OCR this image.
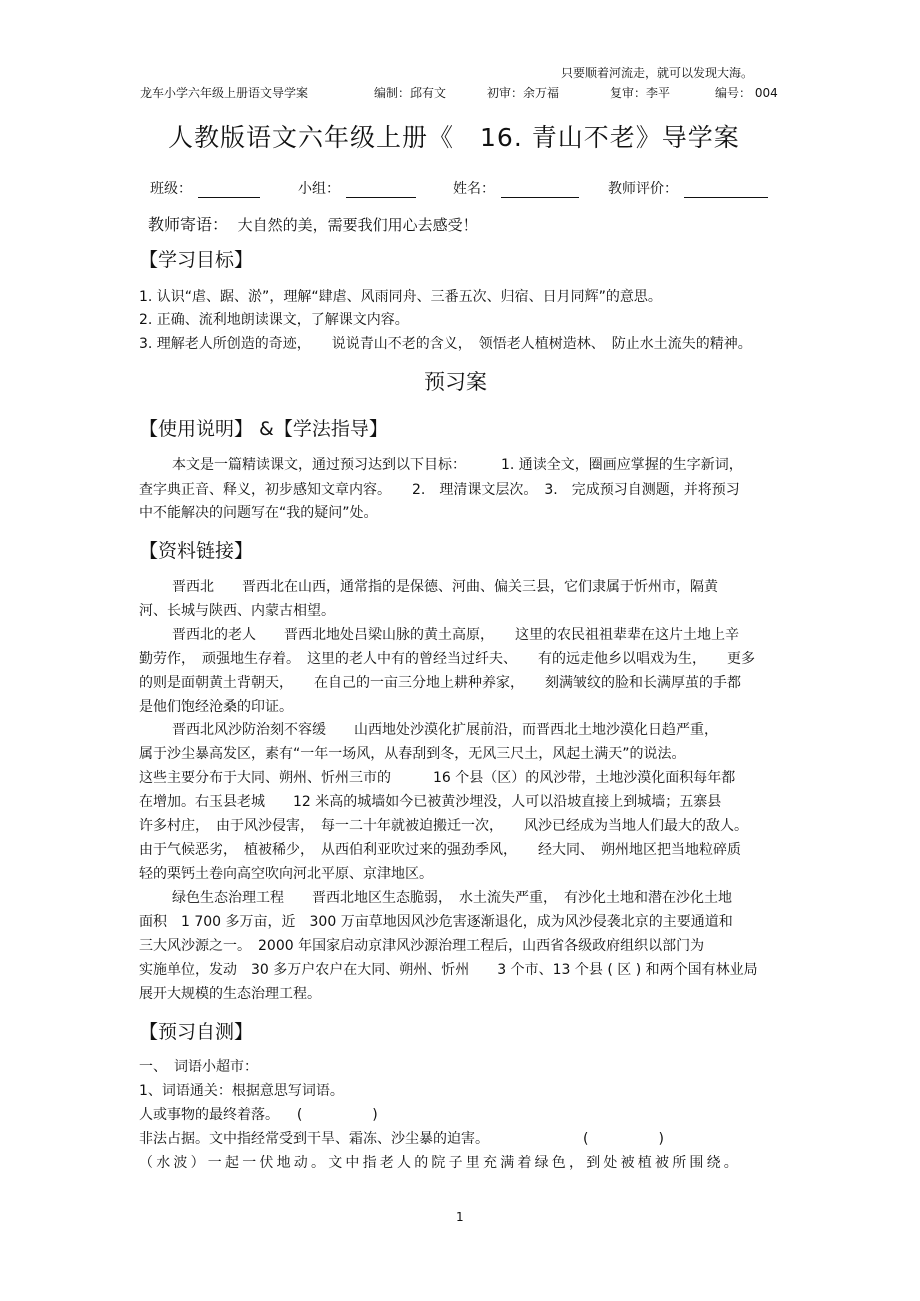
只要顺着河流走，就可以发现大海。
龙车小学六年级上册语文导学案	编制：邱有文	初审：余万福	复审：李平	编号： 004
人教版语文六年级上册《　16. 青山不老》导学案
班级：	小组：	姓名：	教师评价：
教师寄语： 大自然的美，需要我们用心去感受！
【学习目标】
1. 认识“虐、踞、淤”，理解“肆虐、风雨同舟、三番五次、归宿、日月同辉”的意思。
2. 正确、流利地朗读课文，了解课文内容。
3. 理解老人所创造的奇迹，　　说说青山不老的含义，　领悟老人植树造林、　防止水土流失的精神。
预习案
【使用说明】 &【学法指导】
本文是一篇精读课文，通过预习达到以下目标：　　　1. 通读全文，圈画应掌握的生字新词，
查字典正音、释义，初步感知文章内容。　　2.　理清课文层次。　3.　完成预习自测题，并将预习
中不能解决的问题写在“我的疑问”处。
【资料链接】
晋西北　　晋西北在山西，通常指的是保德、河曲、偏关三县，它们隶属于忻州市，隔黄
河、长城与陕西、内蒙古相望。
晋西北的老人　　晋西北地处吕梁山脉的黄土高原，　　这里的农民祖祖辈辈在这片土地上辛
勤劳作，　顽强地生存着。　这里的老人中有的曾经当过纤夫、　　有的远走他乡以唱戏为生，　　更多
的则是面朝黄土背朝天，　　在自己的一亩三分地上耕种养家，　　刻满皱纹的脸和长满厚茧的手都
是他们饱经沧桑的印证。
晋西北风沙防治刻不容缓　　山西地处沙漠化扩展前沿，而晋西北土地沙漠化日趋严重，
属于沙尘暴高发区，素有“一年一场风，从春刮到冬，无风三尺土，风起土满天”的说法。
这些主要分布于大同、朔州、忻州三市的　　　16 个县（区）的风沙带，土地沙漠化面积每年都
在增加。右玉县老城　　12 米高的城墙如今已被黄沙埋没，人可以沿坡直接上到城墙；五寨县
许多村庄，　由于风沙侵害，　每一二十年就被迫搬迁一次，　　风沙已经成为当地人们最大的敌人。
由于气候恶劣，　植被稀少，　从西伯利亚吹过来的强劲季风，　　经大同、　朔州地区把当地粒碎质
轻的栗钙土卷向高空吹向河北平原、京津地区。
绿色生态治理工程　　晋西北地区生态脆弱，　水土流失严重，　有沙化土地和潜在沙化土地
面积　1 700 多万亩，近　300 万亩草地因风沙危害逐渐退化，成为风沙侵袭北京的主要通道和
三大风沙源之一。　2000 年国家启动京津风沙源治理工程后，山西省各级政府组织以部门为
实施单位，发动　30 多万户农户在大同、朔州、忻州　　3 个市、13 个县 ( 区 ) 和两个国有林业局
展开大规模的生态治理工程。
【预习自测】
一、　词语小超市：
1、词语通关：根据意思写词语。
人或事物的最终着落。 (　　　　　)
非法占据。文中指经常受到干旱、霜冻、沙尘暴的迫害。	(　　　　　)
（水波）一起一伏地动。文中指老人的院子里充满着绿色，到处被植被所围绕。
1
